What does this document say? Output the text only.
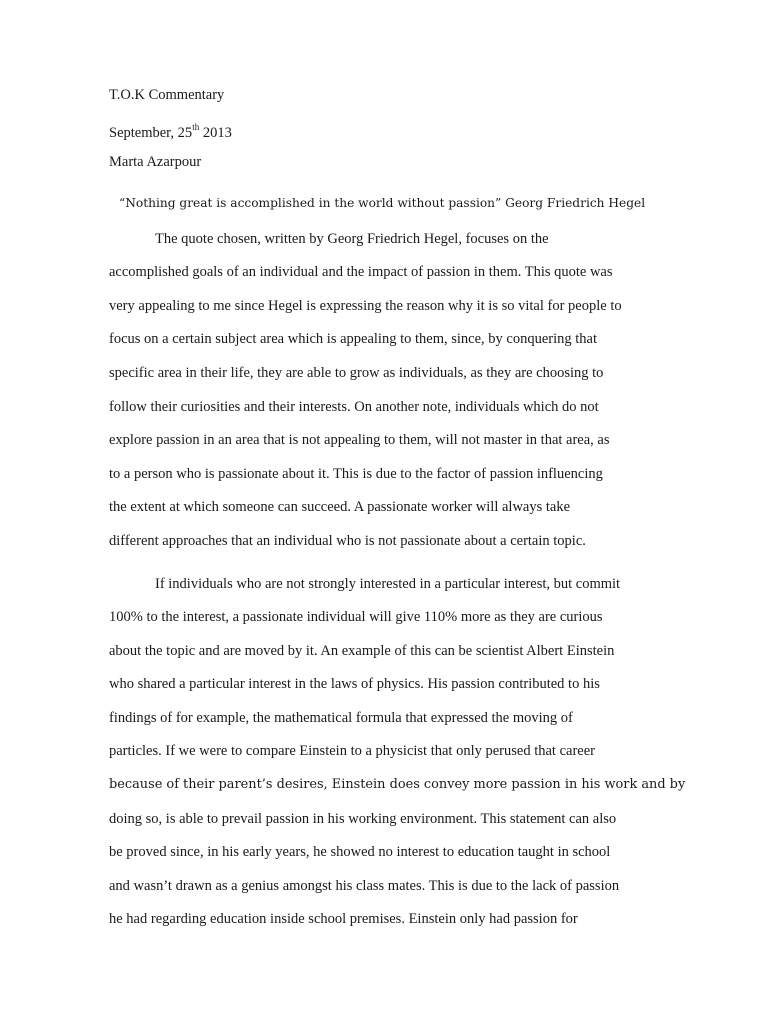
T.O.K Commentary
September, 25th 2013
Marta Azarpour
“Nothing great is accomplished in the world without passion” Georg Friedrich Hegel
The quote chosen, written by Georg Friedrich Hegel, focuses on the
accomplished goals of an individual and the impact of passion in them. This quote was
very appealing to me since Hegel is expressing the reason why it is so vital for people to
focus on a certain subject area which is appealing to them, since, by conquering that
specific area in their life, they are able to grow as individuals, as they are choosing to
follow their curiosities and their interests. On another note, individuals which do not
explore passion in an area that is not appealing to them, will not master in that area, as
to a person who is passionate about it. This is due to the factor of passion influencing
the extent at which someone can succeed. A passionate worker will always take
different approaches that an individual who is not passionate about a certain topic.
If individuals who are not strongly interested in a particular interest, but commit
100% to the interest, a passionate individual will give 110% more as they are curious
about the topic and are moved by it. An example of this can be scientist Albert Einstein
who shared a particular interest in the laws of physics. His passion contributed to his
findings of for example, the mathematical formula that expressed the moving of
particles. If we were to compare Einstein to a physicist that only perused that career
because of their parent’s desires, Einstein does convey more passion in his work and by
doing so, is able to prevail passion in his working environment. This statement can also
be proved since, in his early years, he showed no interest to education taught in school
and wasn’t drawn as a genius amongst his class mates. This is due to the lack of passion
he had regarding education inside school premises. Einstein only had passion for
